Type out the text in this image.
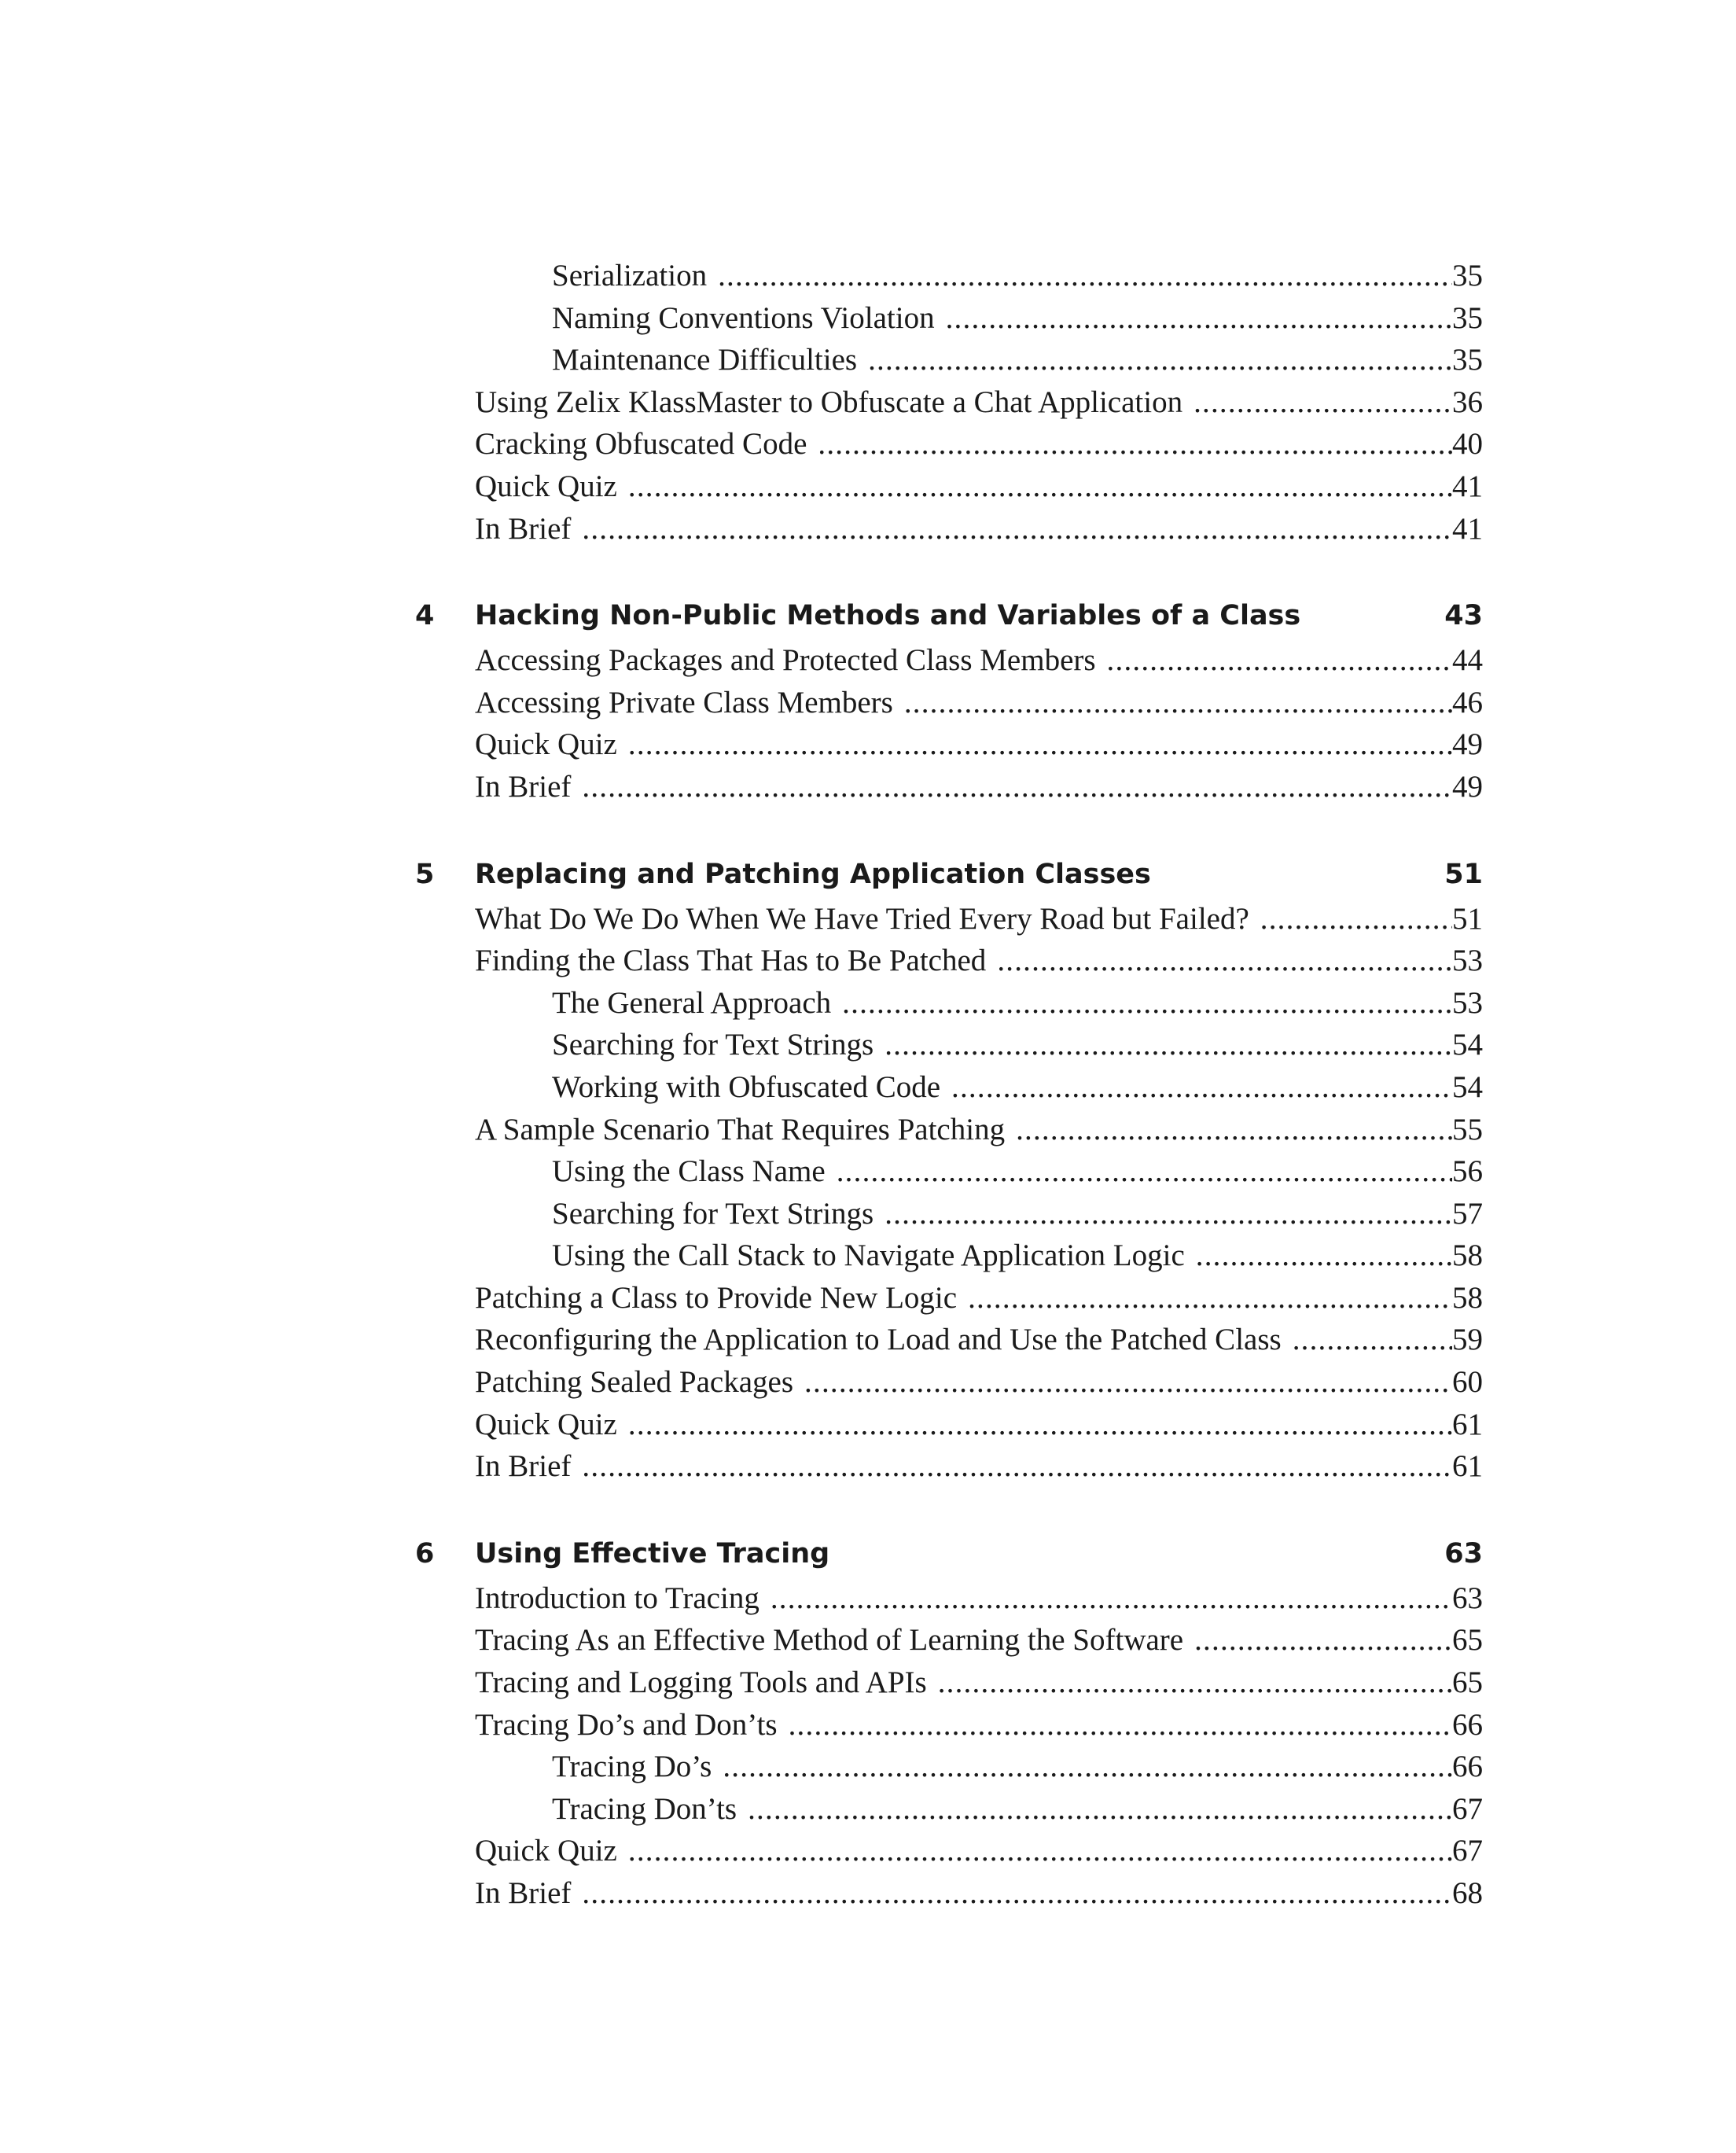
Serialization .....	35
Naming Conventions Violation .....	35
Maintenance Difficulties .....	35
Using Zelix KlassMaster to Obfuscate a Chat Application .....	36
Cracking Obfuscated Code .....	40
Quick Quiz .....	41
In Brief .....	41
4	Hacking Non-Public Methods and Variables of a Class	43
Accessing Packages and Protected Class Members .....	44
Accessing Private Class Members .....	46
Quick Quiz .....	49
In Brief .....	49
5	Replacing and Patching Application Classes	51
What Do We Do When We Have Tried Every Road but Failed? .....	51
Finding the Class That Has to Be Patched .....	53
The General Approach .....	53
Searching for Text Strings .....	54
Working with Obfuscated Code .....	54
A Sample Scenario That Requires Patching .....	55
Using the Class Name .....	56
Searching for Text Strings .....	57
Using the Call Stack to Navigate Application Logic .....	58
Patching a Class to Provide New Logic .....	58
Reconfiguring the Application to Load and Use the Patched Class .....	59
Patching Sealed Packages .....	60
Quick Quiz .....	61
In Brief .....	61
6	Using Effective Tracing	63
Introduction to Tracing .....	63
Tracing As an Effective Method of Learning the Software .....	65
Tracing and Logging Tools and APIs .....	65
Tracing Do’s and Don’ts .....	66
Tracing Do’s .....	66
Tracing Don’ts .....	67
Quick Quiz .....	67
In Brief .....	68
